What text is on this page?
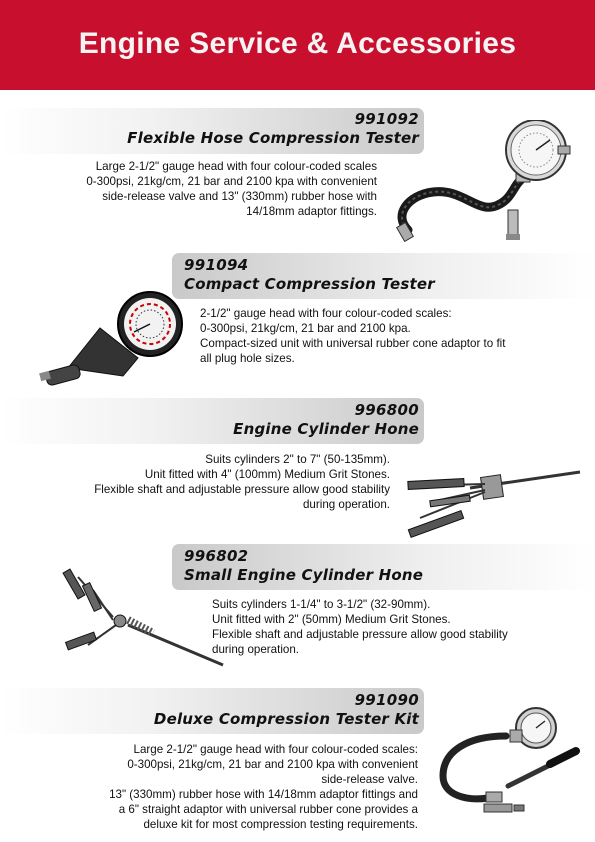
Engine Service & Accessories
991092
Flexible Hose Compression Tester
Large 2-1/2" gauge head with four colour-coded scales
0-300psi, 21kg/cm, 21 bar and 2100 kpa with convenient
side-release valve and 13" (330mm) rubber hose with
14/18mm adaptor fittings.
991094
Compact Compression Tester
2-1/2" gauge head with four colour-coded scales:
0-300psi, 21kg/cm, 21 bar and 2100 kpa.
Compact-sized unit with universal rubber cone adaptor to fit
all plug hole sizes.
996800
Engine Cylinder Hone
Suits cylinders 2" to 7" (50-135mm).
Unit fitted with 4" (100mm) Medium Grit Stones.
Flexible shaft and adjustable pressure allow good stability
during operation.
996802
Small Engine Cylinder Hone
Suits cylinders 1-1/4" to 3-1/2" (32-90mm).
Unit fitted with 2" (50mm) Medium Grit Stones.
Flexible shaft and adjustable pressure allow good stability
during operation.
991090
Deluxe Compression Tester Kit
Large 2-1/2" gauge head with four colour-coded scales:
0-300psi, 21kg/cm, 21 bar and 2100 kpa with convenient
side-release valve.
13" (330mm) rubber hose with 14/18mm adaptor fittings and
a 6" straight adaptor with universal rubber cone provides a
deluxe kit for most compression testing requirements.
